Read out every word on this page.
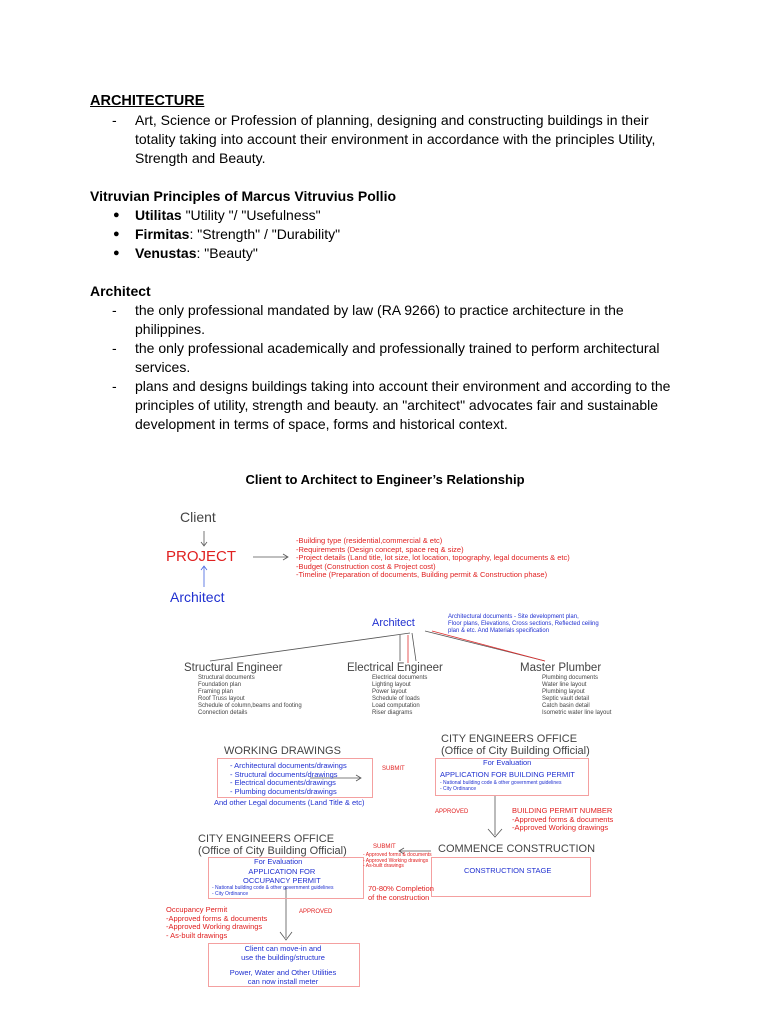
ARCHITECTURE

- Art, Science or Profession of planning, designing and constructing buildings in their totality taking into account their environment in accordance with the principles Utility, Strength and Beauty.

Vitruvian Principles of Marcus Vitruvius Pollio

● Utilitas "Utility "/ "Usefulness"
● Firmitas: "Strength" / "Durability"
● Venustas: "Beauty"

Architect

- the only professional mandated by law (RA 9266) to practice architecture in the philippines.
- the only professional academically and professionally trained to perform architectural services.
- plans and designs buildings taking into account their environment and according to the principles of utility, strength and beauty. an "architect" advocates fair and sustainable development in terms of space, forms and historical context.
Client to Architect to Engineer’s Relationship
Client
PROJECT
Architect
-Building type (residential,commercial & etc)
-Requirements (Design concept, space req & size)
-Project details (Land title, lot size, lot location, topography, legal documents & etc)
-Budget (Construction cost & Project cost)
-Timeline (Preparation of documents, Building permit & Construction phase)
Architect	Architectural documents - Site development plan,
Floor plans, Elevations, Cross sections, Reflected ceiling
plan & etc. And Materials specification
Structural Engineer
Structural documents
Foundation plan
Framing plan
Roof Truss layout
Schedule of column,beams and footing
Connection details
Electrical Engineer
Electrical documents
Lighting layout
Power layout
Schedule of loads
Load computation
Riser diagrams
Master Plumber
Plumbing documents
Water line layout
Plumbing layout
Septic vault detail
Catch basin detail
Isometric water line layout
WORKING DRAWINGS
- Architectural documents/drawings
- Structural documents/drawings
- Electrical documents/drawings
- Plumbing documents/drawings
And other Legal documents (Land Title & etc)
SUBMIT
CITY ENGINEERS OFFICE
(Office of City Building Official)
For Evaluation
APPLICATION FOR BUILDING PERMIT
- National building code & other government guidelines
- City Ordinance
APPROVED	BUILDING PERMIT NUMBER
-Approved forms & documents
-Approved Working drawings
COMMENCE CONSTRUCTION
CONSTRUCTION STAGE
CITY ENGINEERS OFFICE
(Office of City Building Official)
For Evaluation
APPLICATION FOR
OCCUPANCY PERMIT
- National building code & other government guidelines
- City Ordinance
SUBMIT
- Approved forms & documents
- Approved Working drawings
- As-built drawings
70-80% Completion
of the construction
Occupancy Permit
-Approved forms & documents
-Approved Working drawings
- As-built drawings
APPROVED
Client can move-in and
use the building/structure
Power, Water and Other Utilities
can now install meter
